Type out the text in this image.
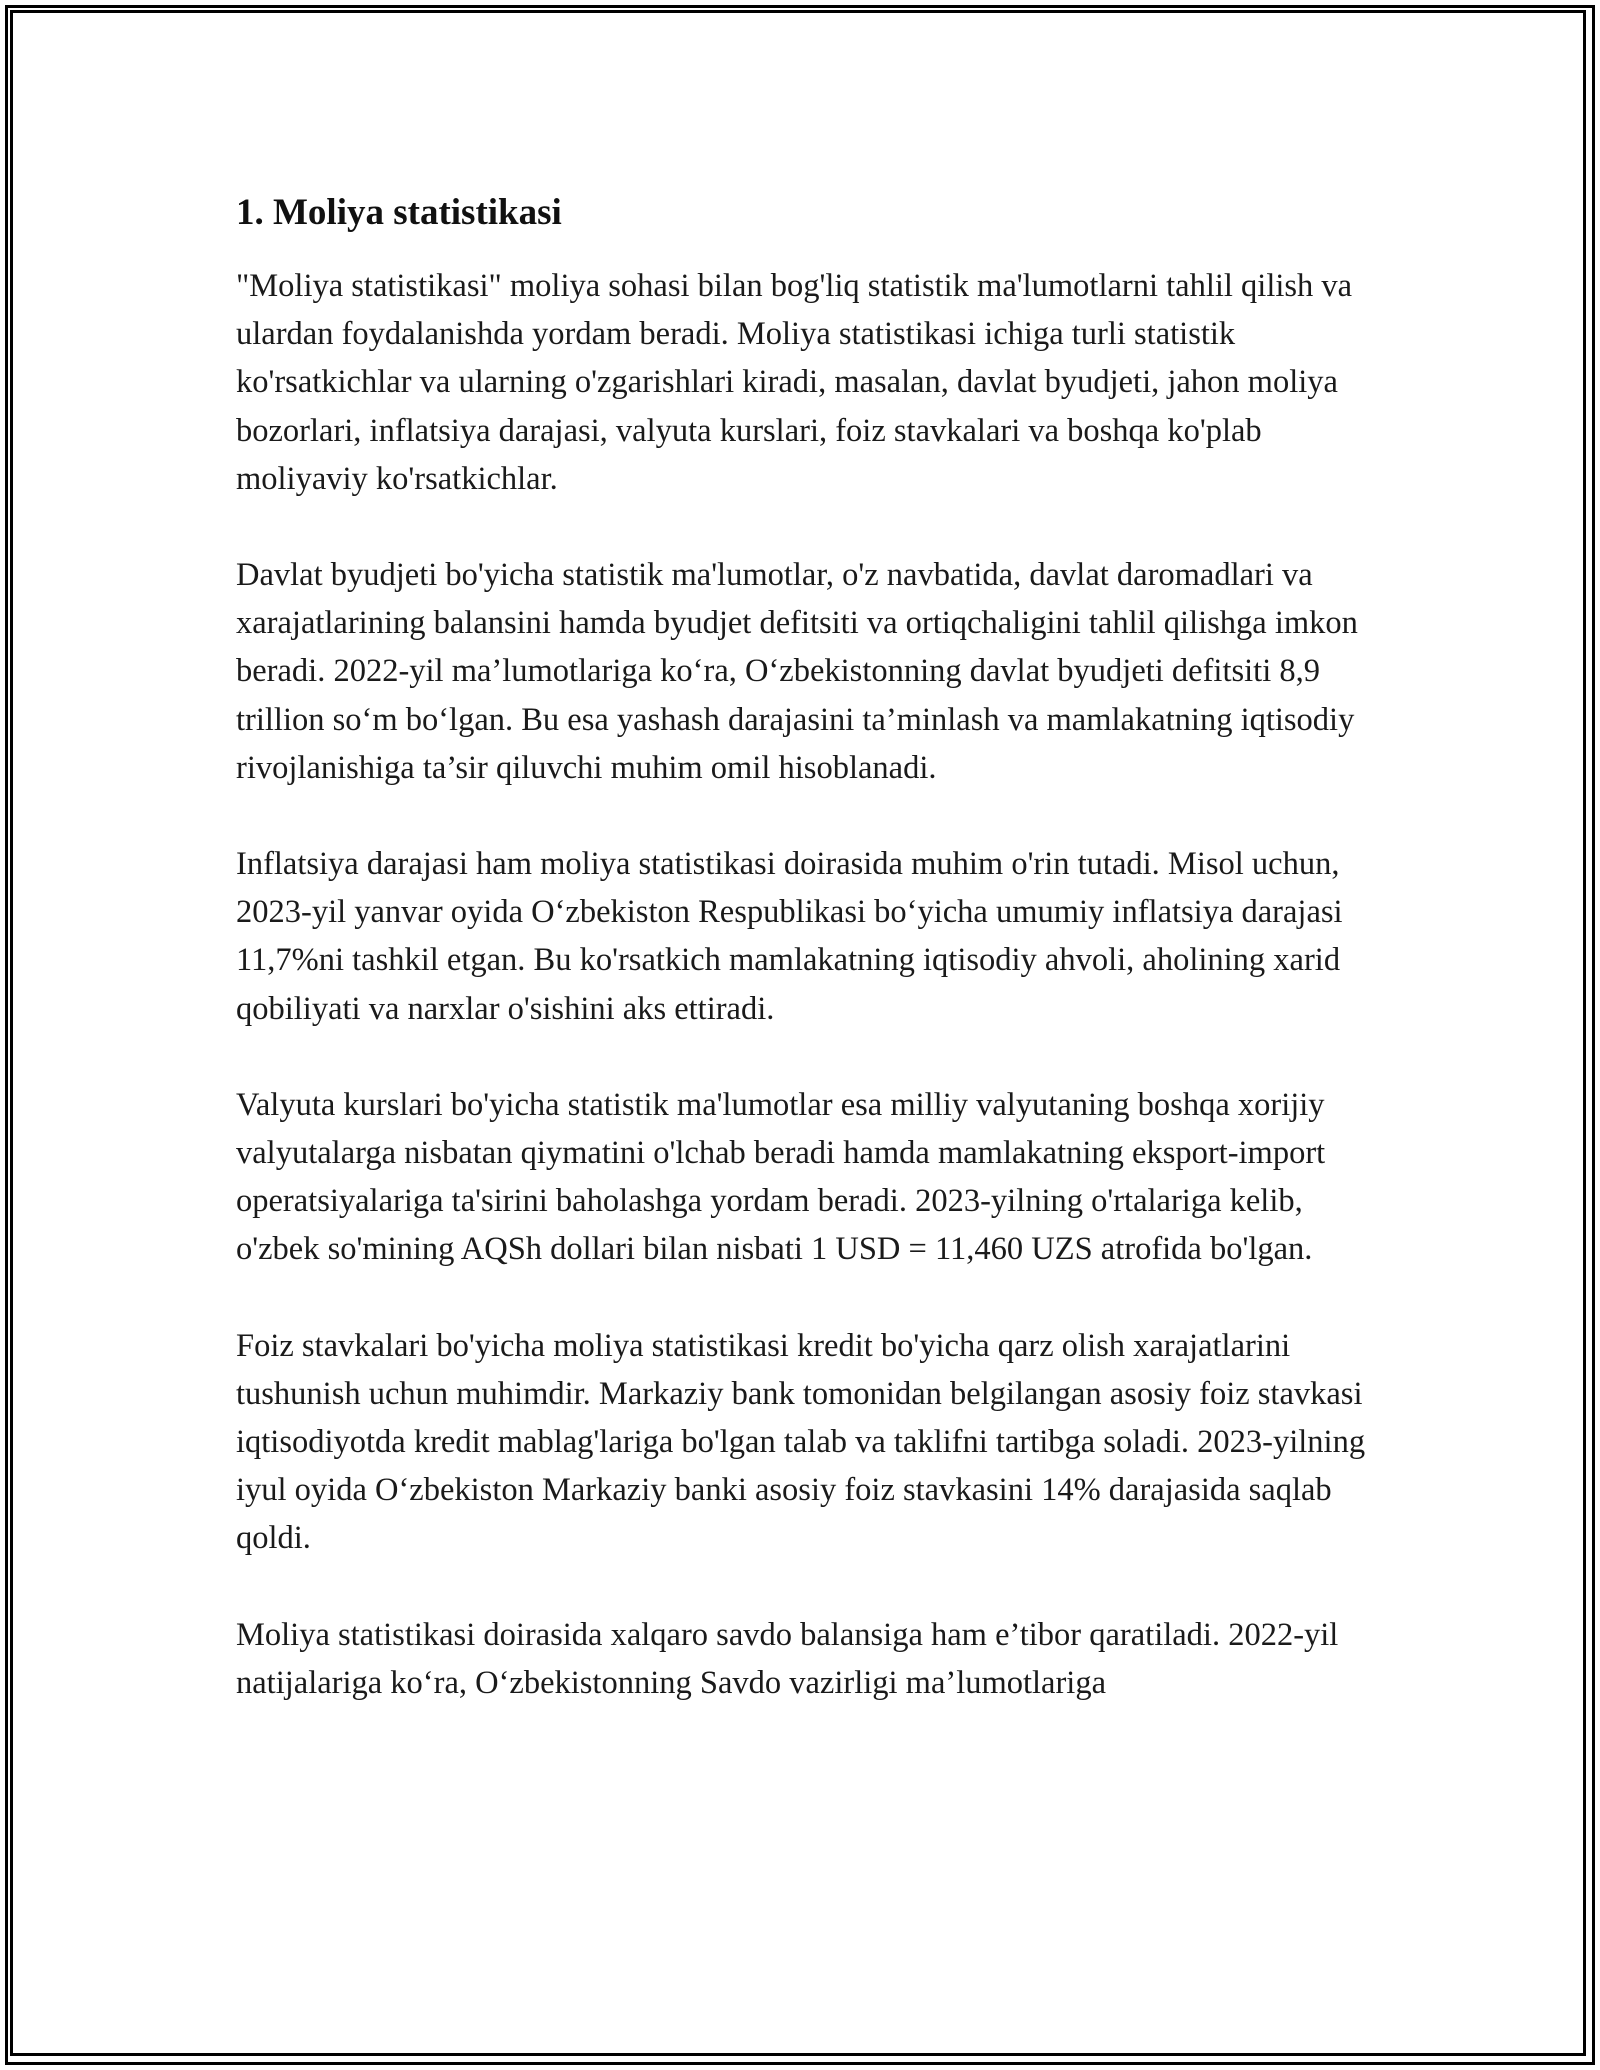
1. Moliya statistikasi

"Moliya statistikasi" moliya sohasi bilan bog'liq statistik ma'lumotlarni tahlil qilish va ulardan foydalanishda yordam beradi. Moliya statistikasi ichiga turli statistik ko'rsatkichlar va ularning o'zgarishlari kiradi, masalan, davlat byudjeti, jahon moliya bozorlari, inflatsiya darajasi, valyuta kurslari, foiz stavkalari va boshqa ko'plab moliyaviy ko'rsatkichlar.

Davlat byudjeti bo'yicha statistik ma'lumotlar, o'z navbatida, davlat daromadlari va xarajatlarining balansini hamda byudjet defitsiti va ortiqchaligini tahlil qilishga imkon beradi. 2022-yil ma’lumotlariga ko‘ra, O‘zbekistonning davlat byudjeti defitsiti 8,9 trillion so‘m bo‘lgan. Bu esa yashash darajasini ta’minlash va mamlakatning iqtisodiy rivojlanishiga ta’sir qiluvchi muhim omil hisoblanadi.

Inflatsiya darajasi ham moliya statistikasi doirasida muhim o'rin tutadi. Misol uchun, 2023-yil yanvar oyida O‘zbekiston Respublikasi bo‘yicha umumiy inflatsiya darajasi 11,7%ni tashkil etgan. Bu ko'rsatkich mamlakatning iqtisodiy ahvoli, aholining xarid qobiliyati va narxlar o'sishini aks ettiradi.

Valyuta kurslari bo'yicha statistik ma'lumotlar esa milliy valyutaning boshqa xorijiy valyutalarga nisbatan qiymatini o'lchab beradi hamda mamlakatning eksport-import operatsiyalariga ta'sirini baholashga yordam beradi. 2023-yilning o'rtalariga kelib, o'zbek so'mining AQSh dollari bilan nisbati 1 USD = 11,460 UZS atrofida bo'lgan.

Foiz stavkalari bo'yicha moliya statistikasi kredit bo'yicha qarz olish xarajatlarini tushunish uchun muhimdir. Markaziy bank tomonidan belgilangan asosiy foiz stavkasi iqtisodiyotda kredit mablag'lariga bo'lgan talab va taklifni tartibga soladi. 2023-yilning iyul oyida O‘zbekiston Markaziy banki asosiy foiz stavkasini 14% darajasida saqlab qoldi.

Moliya statistikasi doirasida xalqaro savdo balansiga ham e’tibor qaratiladi. 2022-yil natijalariga ko‘ra, O‘zbekistonning Savdo vazirligi ma’lumotlariga
